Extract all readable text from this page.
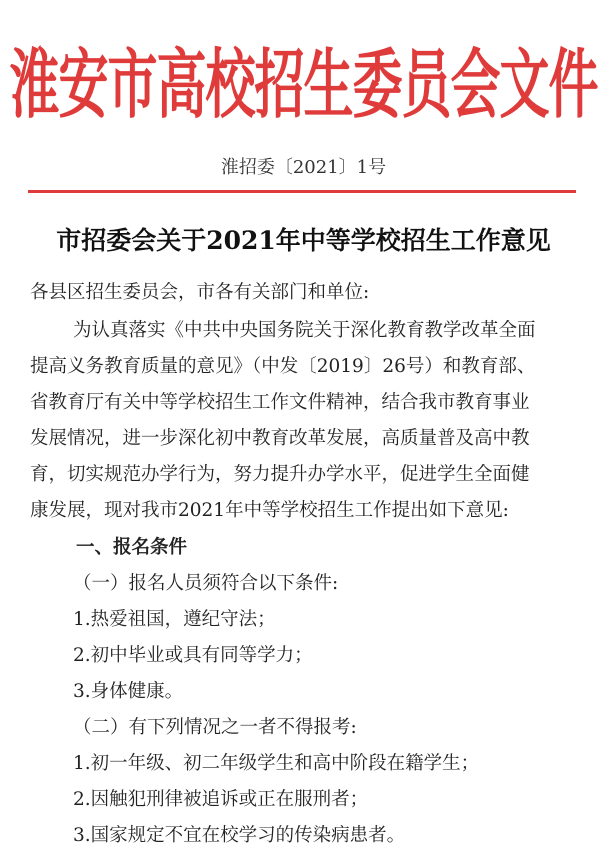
淮安市高校招生委员会文件
淮招委〔2021〕1号
市招委会关于2021年中等学校招生工作意见
各县区招生委员会，市各有关部门和单位:
为认真落实《中共中央国务院关于深化教育教学改革全面
提高义务教育质量的意见》（中发〔2019〕26号）和教育部、
省教育厅有关中等学校招生工作文件精神，结合我市教育事业
发展情况，进一步深化初中教育改革发展，高质量普及高中教
育，切实规范办学行为，努力提升办学水平，促进学生全面健
康发展，现对我市2021年中等学校招生工作提出如下意见:
一、报名条件
（一）报名人员须符合以下条件:
1.热爱祖国，遵纪守法；
2.初中毕业或具有同等学力；
3.身体健康。
（二）有下列情况之一者不得报考:
1.初一年级、初二年级学生和高中阶段在籍学生；
2.因触犯刑律被追诉或正在服刑者；
3.国家规定不宜在校学习的传染病患者。
